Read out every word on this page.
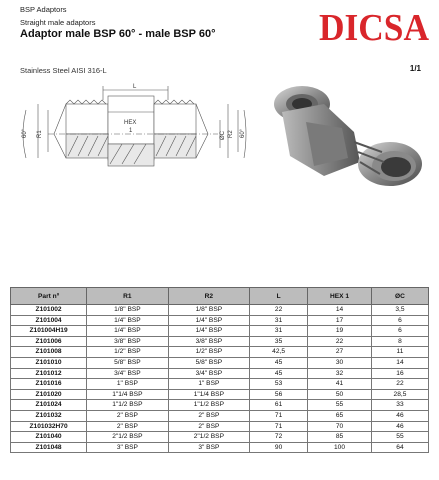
BSP Adaptors
Straight male adaptors
Adaptor male BSP 60° - male BSP 60°
Stainless Steel AISI 316-L	1/1
DICSA
L
HEX
1
R1	ØC R2
60°	60°
Part nº	R1	R2	L	HEX 1	ØC
Z101002	1/8" BSP	1/8" BSP	22	14	3,5
Z101004	1/4" BSP	1/4" BSP	31	17	6
Z101004H19	1/4" BSP	1/4" BSP	31	19	6
Z101006	3/8" BSP	3/8" BSP	35	22	8
Z101008	1/2" BSP	1/2" BSP	42,5	27	11
Z101010	5/8" BSP	5/8" BSP	45	30	14
Z101012	3/4" BSP	3/4" BSP	45	32	16
Z101016	1" BSP	1" BSP	53	41	22
Z101020	1"1/4 BSP	1"1/4 BSP	56	50	28,5
Z101024	1"1/2 BSP	1"1/2 BSP	61	55	33
Z101032	2" BSP	2" BSP	71	65	46
Z101032H70	2" BSP	2" BSP	71	70	46
Z101040	2"1/2 BSP	2"1/2 BSP	72	85	55
Z101048	3" BSP	3" BSP	90	100	64
